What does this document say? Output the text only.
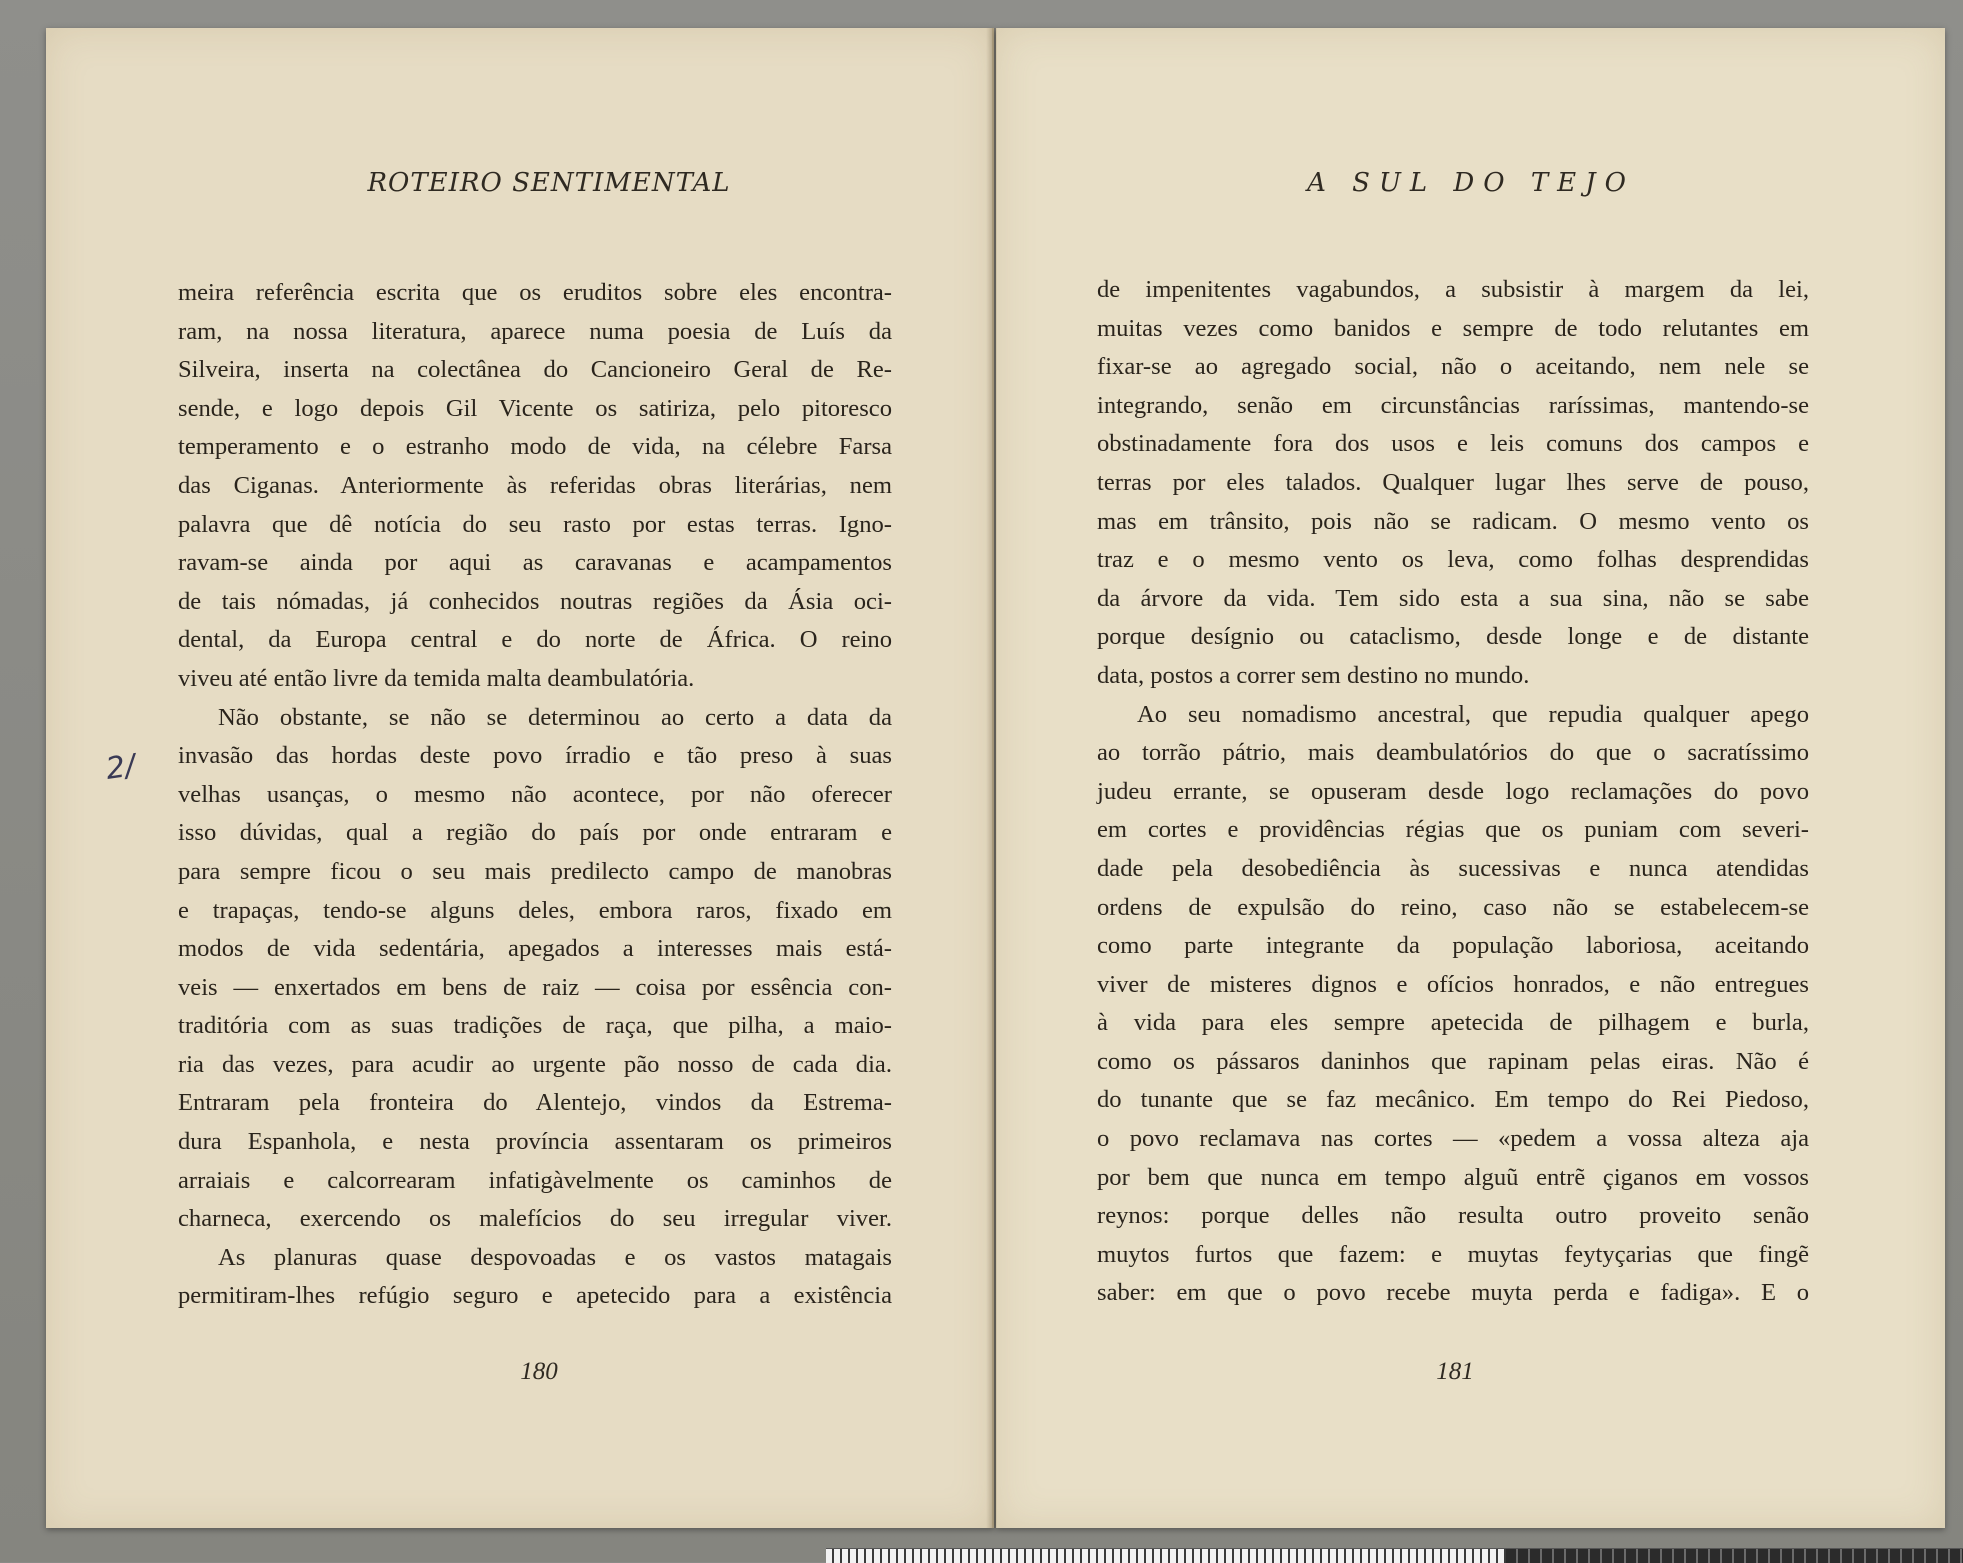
ROTEIRO SENTIMENTAL
meira referência escrita que os eruditos sobre eles encontra-
ram, na nossa literatura, aparece numa poesia de Luís da
Silveira, inserta na colectânea do Cancioneiro Geral de Re-
sende, e logo depois Gil Vicente os satiriza, pelo pitoresco
temperamento e o estranho modo de vida, na célebre Farsa
das Ciganas. Anteriormente às referidas obras literárias, nem
palavra que dê notícia do seu rasto por estas terras. Igno-
ravam-se ainda por aqui as caravanas e acampamentos
de tais nómadas, já conhecidos noutras regiões da Ásia oci-
dental, da Europa central e do norte de África. O reino
viveu até então livre da temida malta deambulatória.
Não obstante, se não se determinou ao certo a data da
invasão das hordas deste povo írradio e tão preso à suas
velhas usanças, o mesmo não acontece, por não oferecer
isso dúvidas, qual a região do país por onde entraram e
para sempre ficou o seu mais predilecto campo de manobras
e trapaças, tendo-se alguns deles, embora raros, fixado em
modos de vida sedentária, apegados a interesses mais está-
veis — enxertados em bens de raiz — coisa por essência con-
traditória com as suas tradições de raça, que pilha, a maio-
ria das vezes, para acudir ao urgente pão nosso de cada dia.
Entraram pela fronteira do Alentejo, vindos da Estrema-
dura Espanhola, e nesta província assentaram os primeiros
arraiais e calcorrearam infatigàvelmente os caminhos de
charneca, exercendo os malefícios do seu irregular viver.
As planuras quase despovoadas e os vastos matagais
permitiram-lhes refúgio seguro e apetecido para a existência
2/
180
A SUL DO TEJO
de impenitentes vagabundos, a subsistir à margem da lei,
muitas vezes como banidos e sempre de todo relutantes em
fixar-se ao agregado social, não o aceitando, nem nele se
integrando, senão em circunstâncias raríssimas, mantendo-se
obstinadamente fora dos usos e leis comuns dos campos e
terras por eles talados. Qualquer lugar lhes serve de pouso,
mas em trânsito, pois não se radicam. O mesmo vento os
traz e o mesmo vento os leva, como folhas desprendidas
da árvore da vida. Tem sido esta a sua sina, não se sabe
porque desígnio ou cataclismo, desde longe e de distante
data, postos a correr sem destino no mundo.
Ao seu nomadismo ancestral, que repudia qualquer apego
ao torrão pátrio, mais deambulatórios do que o sacratíssimo
judeu errante, se opuseram desde logo reclamações do povo
em cortes e providências régias que os puniam com severi-
dade pela desobediência às sucessivas e nunca atendidas
ordens de expulsão do reino, caso não se estabelecem-se
como parte integrante da população laboriosa, aceitando
viver de misteres dignos e ofícios honrados, e não entregues
à vida para eles sempre apetecida de pilhagem e burla,
como os pássaros daninhos que rapinam pelas eiras. Não é
do tunante que se faz mecânico. Em tempo do Rei Piedoso,
o povo reclamava nas cortes — «pedem a vossa alteza aja
por bem que nunca em tempo alguũ entrẽ çiganos em vossos
reynos: porque delles não resulta outro proveito senão
muytos furtos que fazem: e muytas feytyçarias que fingẽ
saber: em que o povo recebe muyta perda e fadiga». E o
181
